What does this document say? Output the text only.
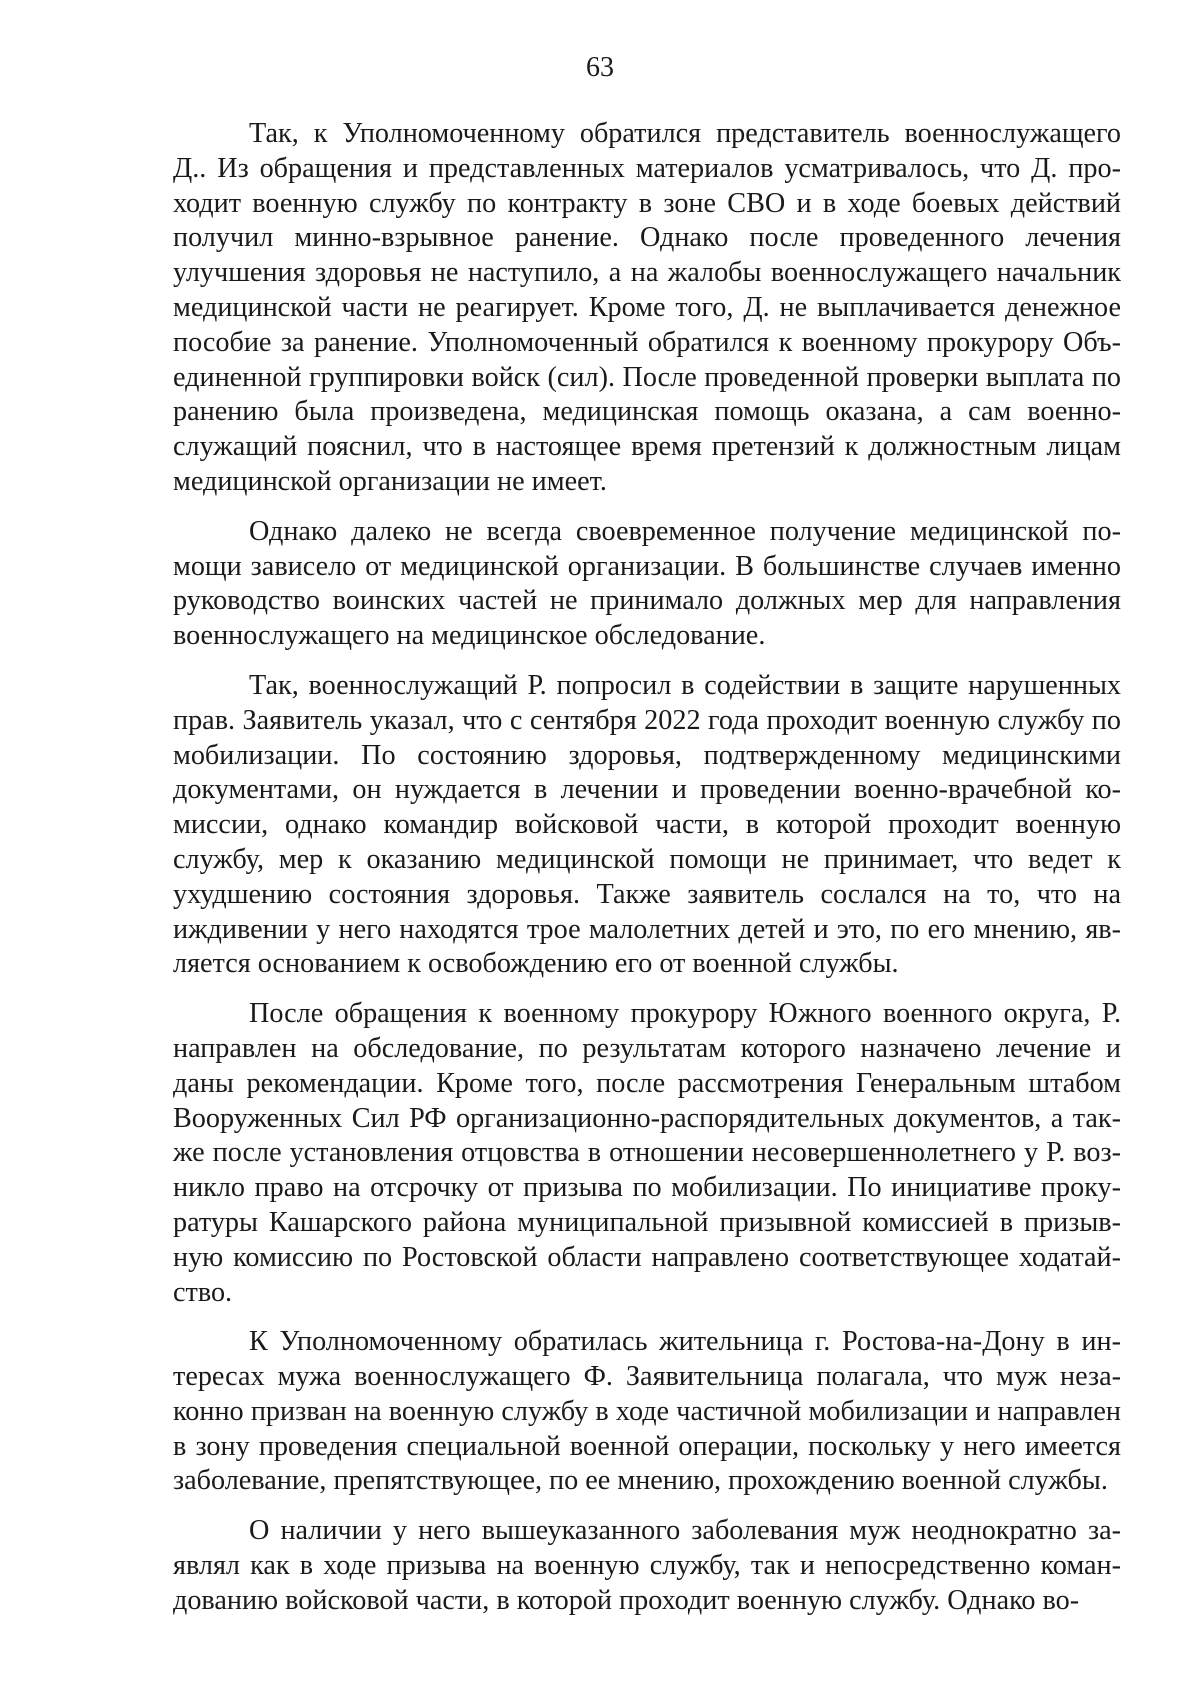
63

Так, к Уполномоченному обратился представитель военнослужащего Д.. Из обращения и представленных материалов усматривалось, что Д. проходит военную службу по контракту в зоне СВО и в ходе боевых действий получил минно-взрывное ранение. Однако после проведенного лечения улучшения здоровья не наступило, а на жалобы военнослужащего начальник медицинской части не реагирует. Кроме того, Д. не выплачивается денежное пособие за ранение. Уполномоченный обратился к военному прокурору Объединенной группировки войск (сил). После проведенной проверки выплата по ранению была произведена, медицинская помощь оказана, а сам военнослужащий пояснил, что в настоящее время претензий к должностным лицам медицинской организации не имеет.

Однако далеко не всегда своевременное получение медицинской помощи зависело от медицинской организации. В большинстве случаев именно руководство воинских частей не принимало должных мер для направления военнослужащего на медицинское обследование.

Так, военнослужащий Р. попросил в содействии в защите нарушенных прав. Заявитель указал, что с сентября 2022 года проходит военную службу по мобилизации. По состоянию здоровья, подтвержденному медицинскими документами, он нуждается в лечении и проведении военно-врачебной комиссии, однако командир войсковой части, в которой проходит военную службу, мер к оказанию медицинской помощи не принимает, что ведет к ухудшению состояния здоровья. Также заявитель сослался на то, что на иждивении у него находятся трое малолетних детей и это, по его мнению, является основанием к освобождению его от военной службы.

После обращения к военному прокурору Южного военного округа, Р. направлен на обследование, по результатам которого назначено лечение и даны рекомендации. Кроме того, после рассмотрения Генеральным штабом Вооруженных Сил РФ организационно-распорядительных документов, а также после установления отцовства в отношении несовершеннолетнего у Р. возникло право на отсрочку от призыва по мобилизации. По инициативе прокуратуры Кашарского района муниципальной призывной комиссией в призывную комиссию по Ростовской области направлено соответствующее ходатайство.

К Уполномоченному обратилась жительница г. Ростова-на-Дону в интересах мужа военнослужащего Ф. Заявительница полагала, что муж незаконно призван на военную службу в ходе частичной мобилизации и направлен в зону проведения специальной военной операции, поскольку у него имеется заболевание, препятствующее, по ее мнению, прохождению военной службы.

О наличии у него вышеуказанного заболевания муж неоднократно заявлял как в ходе призыва на военную службу, так и непосредственно командованию войсковой части, в которой проходит военную службу. Однако во-
